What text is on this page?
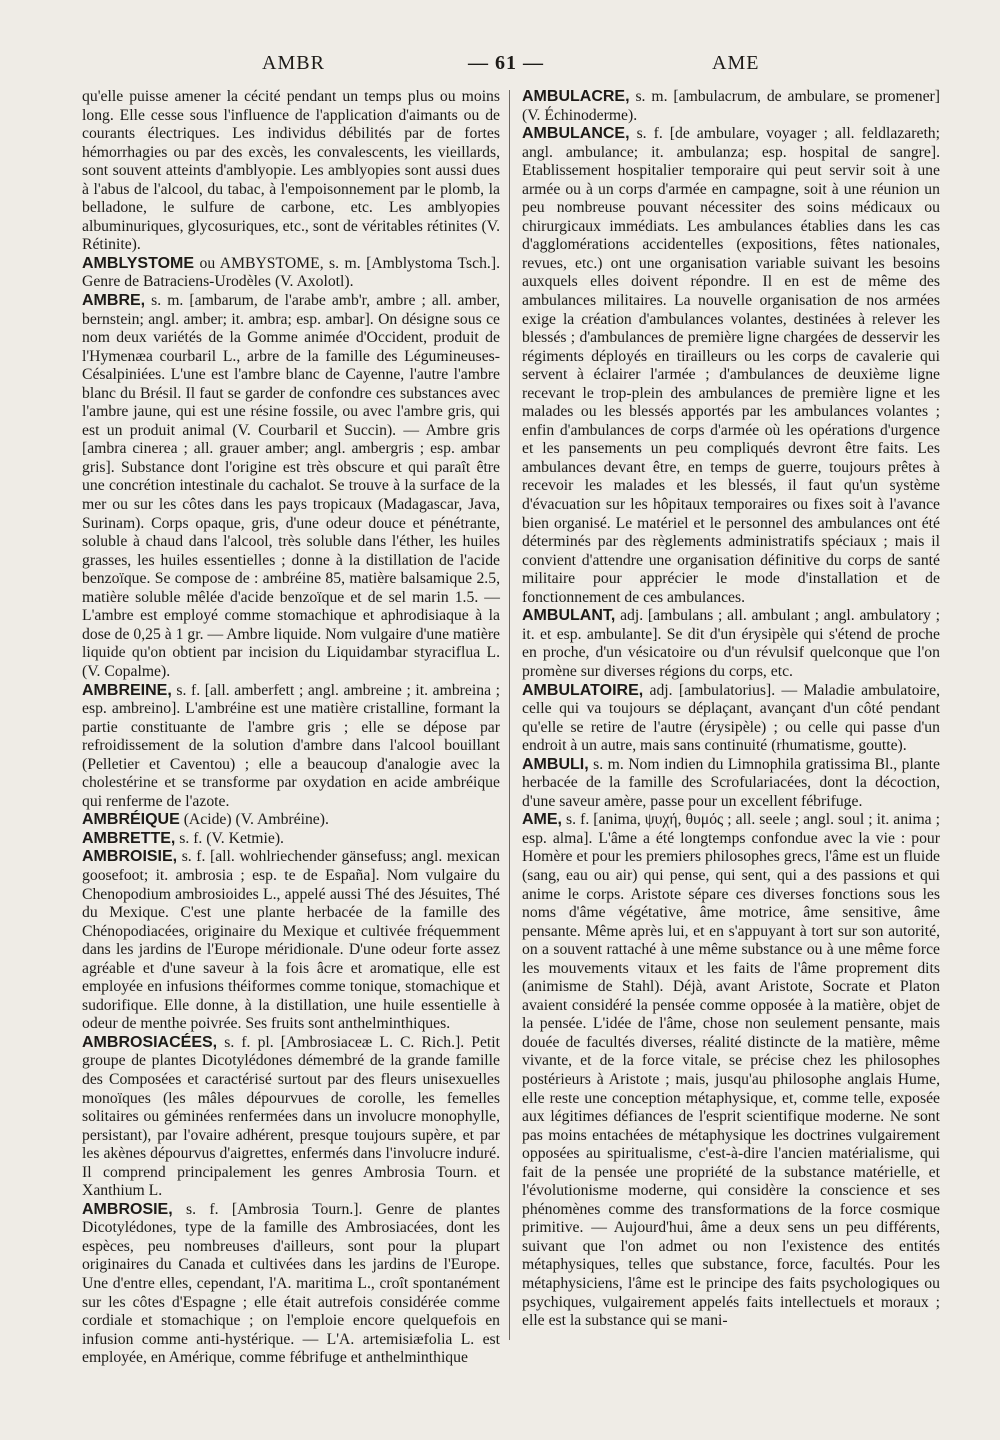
AMBR	— 61 —	AME

qu'elle puisse amener la cécité pendant un temps plus ou moins long. Elle cesse sous l'influence de l'application d'aimants ou de courants électriques. Les individus débilités par de fortes hémorrhagies ou par des excès, les convalescents, les vieillards, sont souvent atteints d'amblyopie. Les amblyopies sont aussi dues à l'abus de l'alcool, du tabac, à l'empoisonnement par le plomb, la belladone, le sulfure de carbone, etc. Les amblyopies albuminuriques, glycosuriques, etc., sont de véritables rétinites (V. Rétinite).

AMBLYSTOME ou AMBYSTOME, s. m. [Amblystoma Tsch.]. Genre de Batraciens-Urodèles (V. Axolotl).

AMBRE, s. m. [ambarum, de l'arabe amb'r, ambre ; all. amber, bernstein; angl. amber; it. ambra; esp. ambar]. On désigne sous ce nom deux variétés de la Gomme animée d'Occident, produit de l'Hymenæa courbaril L., arbre de la famille des Légumineuses-Césalpiniées. L'une est l'ambre blanc de Cayenne, l'autre l'ambre blanc du Brésil. Il faut se garder de confondre ces substances avec l'ambre jaune, qui est une résine fossile, ou avec l'ambre gris, qui est un produit animal (V. Courbaril et Succin). — Ambre gris [ambra cinerea ; all. grauer amber; angl. ambergris ; esp. ambar gris]. Substance dont l'origine est très obscure et qui paraît être une concrétion intestinale du cachalot. Se trouve à la surface de la mer ou sur les côtes dans les pays tropicaux (Madagascar, Java, Surinam). Corps opaque, gris, d'une odeur douce et pénétrante, soluble à chaud dans l'alcool, très soluble dans l'éther, les huiles grasses, les huiles essentielles ; donne à la distillation de l'acide benzoïque. Se compose de : ambréine 85, matière balsamique 2.5, matière soluble mêlée d'acide benzoïque et de sel marin 1.5. — L'ambre est employé comme stomachique et aphrodisiaque à la dose de 0,25 à 1 gr. — Ambre liquide. Nom vulgaire d'une matière liquide qu'on obtient par incision du Liquidambar styraciflua L. (V. Copalme).

AMBREINE, s. f. [all. amberfett ; angl. ambreine ; it. ambreina ; esp. ambreino]. L'ambréine est une matière cristalline, formant la partie constituante de l'ambre gris ; elle se dépose par refroidissement de la solution d'ambre dans l'alcool bouillant (Pelletier et Caventou) ; elle a beaucoup d'analogie avec la cholestérine et se transforme par oxydation en acide ambréique qui renferme de l'azote.

AMBRÉIQUE (Acide) (V. Ambréine).

AMBRETTE, s. f. (V. Ketmie).

AMBROISIE, s. f. [all. wohlriechender gänsefuss; angl. mexican goosefoot; it. ambrosia ; esp. te de España]. Nom vulgaire du Chenopodium ambrosioides L., appelé aussi Thé des Jésuites, Thé du Mexique. C'est une plante herbacée de la famille des Chénopodiacées, originaire du Mexique et cultivée fréquemment dans les jardins de l'Europe méridionale. D'une odeur forte assez agréable et d'une saveur à la fois âcre et aromatique, elle est employée en infusions théiformes comme tonique, stomachique et sudorifique. Elle donne, à la distillation, une huile essentielle à odeur de menthe poivrée. Ses fruits sont anthelminthiques.

AMBROSIACÉES, s. f. pl. [Ambrosiaceæ L. C. Rich.]. Petit groupe de plantes Dicotylédones démembré de la grande famille des Composées et caractérisé surtout par des fleurs unisexuelles monoïques (les mâles dépourvues de corolle, les femelles solitaires ou géminées renfermées dans un involucre monophylle, persistant), par l'ovaire adhérent, presque toujours supère, et par les akènes dépourvus d'aigrettes, enfermés dans l'involucre induré. Il comprend principalement les genres Ambrosia Tourn. et Xanthium L.

AMBROSIE, s. f. [Ambrosia Tourn.]. Genre de plantes Dicotylédones, type de la famille des Ambrosiacées, dont les espèces, peu nombreuses d'ailleurs, sont pour la plupart originaires du Canada et cultivées dans les jardins de l'Europe. Une d'entre elles, cependant, l'A. maritima L., croît spontanément sur les côtes d'Espagne ; elle était autrefois considérée comme cordiale et stomachique ; on l'emploie encore quelquefois en infusion comme anti-hystérique. — L'A. artemisiæfolia L. est employée, en Amérique, comme fébrifuge et anthelminthique

AMBULACRE, s. m. [ambulacrum, de ambulare, se promener] (V. Échinoderme).

AMBULANCE, s. f. [de ambulare, voyager ; all. feldlazareth; angl. ambulance; it. ambulanza; esp. hospital de sangre]. Etablissement hospitalier temporaire qui peut servir soit à une armée ou à un corps d'armée en campagne, soit à une réunion un peu nombreuse pouvant nécessiter des soins médicaux ou chirurgicaux immédiats. Les ambulances établies dans les cas d'agglomérations accidentelles (expositions, fêtes nationales, revues, etc.) ont une organisation variable suivant les besoins auxquels elles doivent répondre. Il en est de même des ambulances militaires. La nouvelle organisation de nos armées exige la création d'ambulances volantes, destinées à relever les blessés ; d'ambulances de première ligne chargées de desservir les régiments déployés en tirailleurs ou les corps de cavalerie qui servent à éclairer l'armée ; d'ambulances de deuxième ligne recevant le trop-plein des ambulances de première ligne et les malades ou les blessés apportés par les ambulances volantes ; enfin d'ambulances de corps d'armée où les opérations d'urgence et les pansements un peu compliqués devront être faits. Les ambulances devant être, en temps de guerre, toujours prêtes à recevoir les malades et les blessés, il faut qu'un système d'évacuation sur les hôpitaux temporaires ou fixes soit à l'avance bien organisé. Le matériel et le personnel des ambulances ont été déterminés par des règlements administratifs spéciaux ; mais il convient d'attendre une organisation définitive du corps de santé militaire pour apprécier le mode d'installation et de fonctionnement de ces ambulances.

AMBULANT, adj. [ambulans ; all. ambulant ; angl. ambulatory ; it. et esp. ambulante]. Se dit d'un érysipèle qui s'étend de proche en proche, d'un vésicatoire ou d'un révulsif quelconque que l'on promène sur diverses régions du corps, etc.

AMBULATOIRE, adj. [ambulatorius]. — Maladie ambulatoire, celle qui va toujours se déplaçant, avançant d'un côté pendant qu'elle se retire de l'autre (érysipèle) ; ou celle qui passe d'un endroit à un autre, mais sans continuité (rhumatisme, goutte).

AMBULI, s. m. Nom indien du Limnophila gratissima Bl., plante herbacée de la famille des Scrofulariacées, dont la décoction, d'une saveur amère, passe pour un excellent fébrifuge.

AME, s. f. [anima, ψυχή, θυμός ; all. seele ; angl. soul ; it. anima ; esp. alma]. L'âme a été longtemps confondue avec la vie : pour Homère et pour les premiers philosophes grecs, l'âme est un fluide (sang, eau ou air) qui pense, qui sent, qui a des passions et qui anime le corps. Aristote sépare ces diverses fonctions sous les noms d'âme végétative, âme motrice, âme sensitive, âme pensante. Même après lui, et en s'appuyant à tort sur son autorité, on a souvent rattaché à une même substance ou à une même force les mouvements vitaux et les faits de l'âme proprement dits (animisme de Stahl). Déjà, avant Aristote, Socrate et Platon avaient considéré la pensée comme opposée à la matière, objet de la pensée. L'idée de l'âme, chose non seulement pensante, mais douée de facultés diverses, réalité distincte de la matière, même vivante, et de la force vitale, se précise chez les philosophes postérieurs à Aristote ; mais, jusqu'au philosophe anglais Hume, elle reste une conception métaphysique, et, comme telle, exposée aux légitimes défiances de l'esprit scientifique moderne. Ne sont pas moins entachées de métaphysique les doctrines vulgairement opposées au spiritualisme, c'est-à-dire l'ancien matérialisme, qui fait de la pensée une propriété de la substance matérielle, et l'évolutionisme moderne, qui considère la conscience et ses phénomènes comme des transformations de la force cosmique primitive. — Aujourd'hui, âme a deux sens un peu différents, suivant que l'on admet ou non l'existence des entités métaphysiques, telles que substance, force, facultés. Pour les métaphysiciens, l'âme est le principe des faits psychologiques ou psychiques, vulgairement appelés faits intellectuels et moraux ; elle est la substance qui se mani-
